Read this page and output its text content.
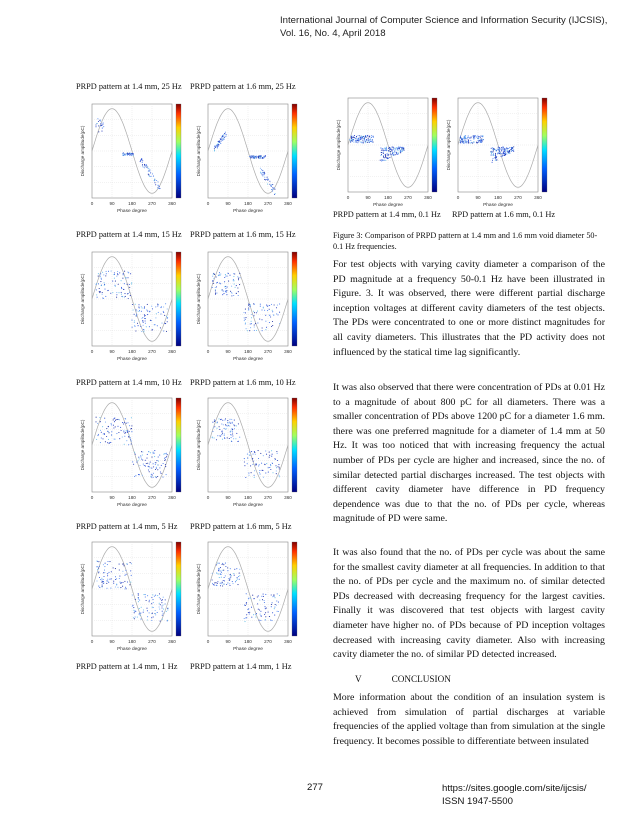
International Journal of Computer Science and Information Security (IJCSIS),
Vol. 16, No. 4, April 2018
PRPD pattern at 1.4 mm, 25 Hz PRPD pattern at 1.6 mm, 25 Hz
PRPD pattern at 1.4 mm, 15 Hz PRPD pattern at 1.6 mm, 15 Hz
PRPD pattern at 1.4 mm, 10 Hz PRPD pattern at 1.6 mm, 10 Hz
PRPD pattern at 1.4 mm, 5 Hz PRPD pattern at 1.6 mm, 5 Hz
PRPD pattern at 1.4 mm, 1 Hz PRPD pattern at 1.4 mm, 1 Hz
PRPD pattern at 1.4 mm, 0.1 Hz RPD pattern at 1.6 mm, 0.1 Hz
Discharge amplitude(pC)
0	90	180	270	360
Phase degree
Discharge amplitude(pC)
0	90	180	270	360
Phase degree
Discharge amplitude(pC)
0	90	180	270	360
Phase degree
Discharge amplitude(pC)
0	90	180	270	360
Phase degree
Discharge amplitude(pC)
0	90	180	270	360
Phase degree
Discharge amplitude(pC)
0	90	180	270	360
Phase degree
Discharge amplitude(pC)
0	90	180	270	360
Phase degree
Discharge amplitude(pC)
0	90	180	270	360
Phase degree
Discharge amplitude(pC)
0	90	180	270	360
Phase degree
Discharge amplitude(pC)
0	90	180	270	360
Phase degree
Figure 3: Comparison of PRPD pattern at 1.4 mm and 1.6 mm void diameter 50-0.1 Hz frequencies.

For test objects with varying cavity diameter a comparison of the PD magnitude at a frequency 50-0.1 Hz have been illustrated in Figure. 3. It was observed, there were different partial discharge inception voltages at different cavity diameters of the test objects. The PDs were concentrated to one or more distinct magnitudes for all cavity diameters. This illustrates that the PD activity does not influenced by the statical time lag significantly.

It was also observed that there were concentration of PDs at 0.01 Hz to a magnitude of about 800 pC for all diameters. There was a smaller concentration of PDs above 1200 pC for a diameter 1.6 mm. there was one preferred magnitude for a diameter of 1.4 mm at 50 Hz. It was too noticed that with increasing frequency the actual number of PDs per cycle are higher and increased, since the no. of similar detected partial discharges increased. The test objects with different cavity diameter have difference in PD frequency dependence was due to that the no. of PDs per cycle, whereas magnitude of PD were same.

It was also found that the no. of PDs per cycle was about the same for the smallest cavity diameter at all frequencies. In addition to that the no. of PDs per cycle and the maximum no. of similar detected PDs decreased with decreasing frequency for the largest cavities. Finally it was discovered that test objects with largest cavity diameter have higher no. of PDs because of PD inception voltages decreased with increasing cavity diameter. Also with increasing cavity diameter the no. of similar PD detected increased.

V	CONCLUSION

More information about the condition of an insulation system is achieved from simulation of partial discharges at variable frequencies of the applied voltage than from simulation at the single frequency. It becomes possible to differentiate between insulated

277	https://sites.google.com/site/ijcsis/
ISSN 1947-5500
